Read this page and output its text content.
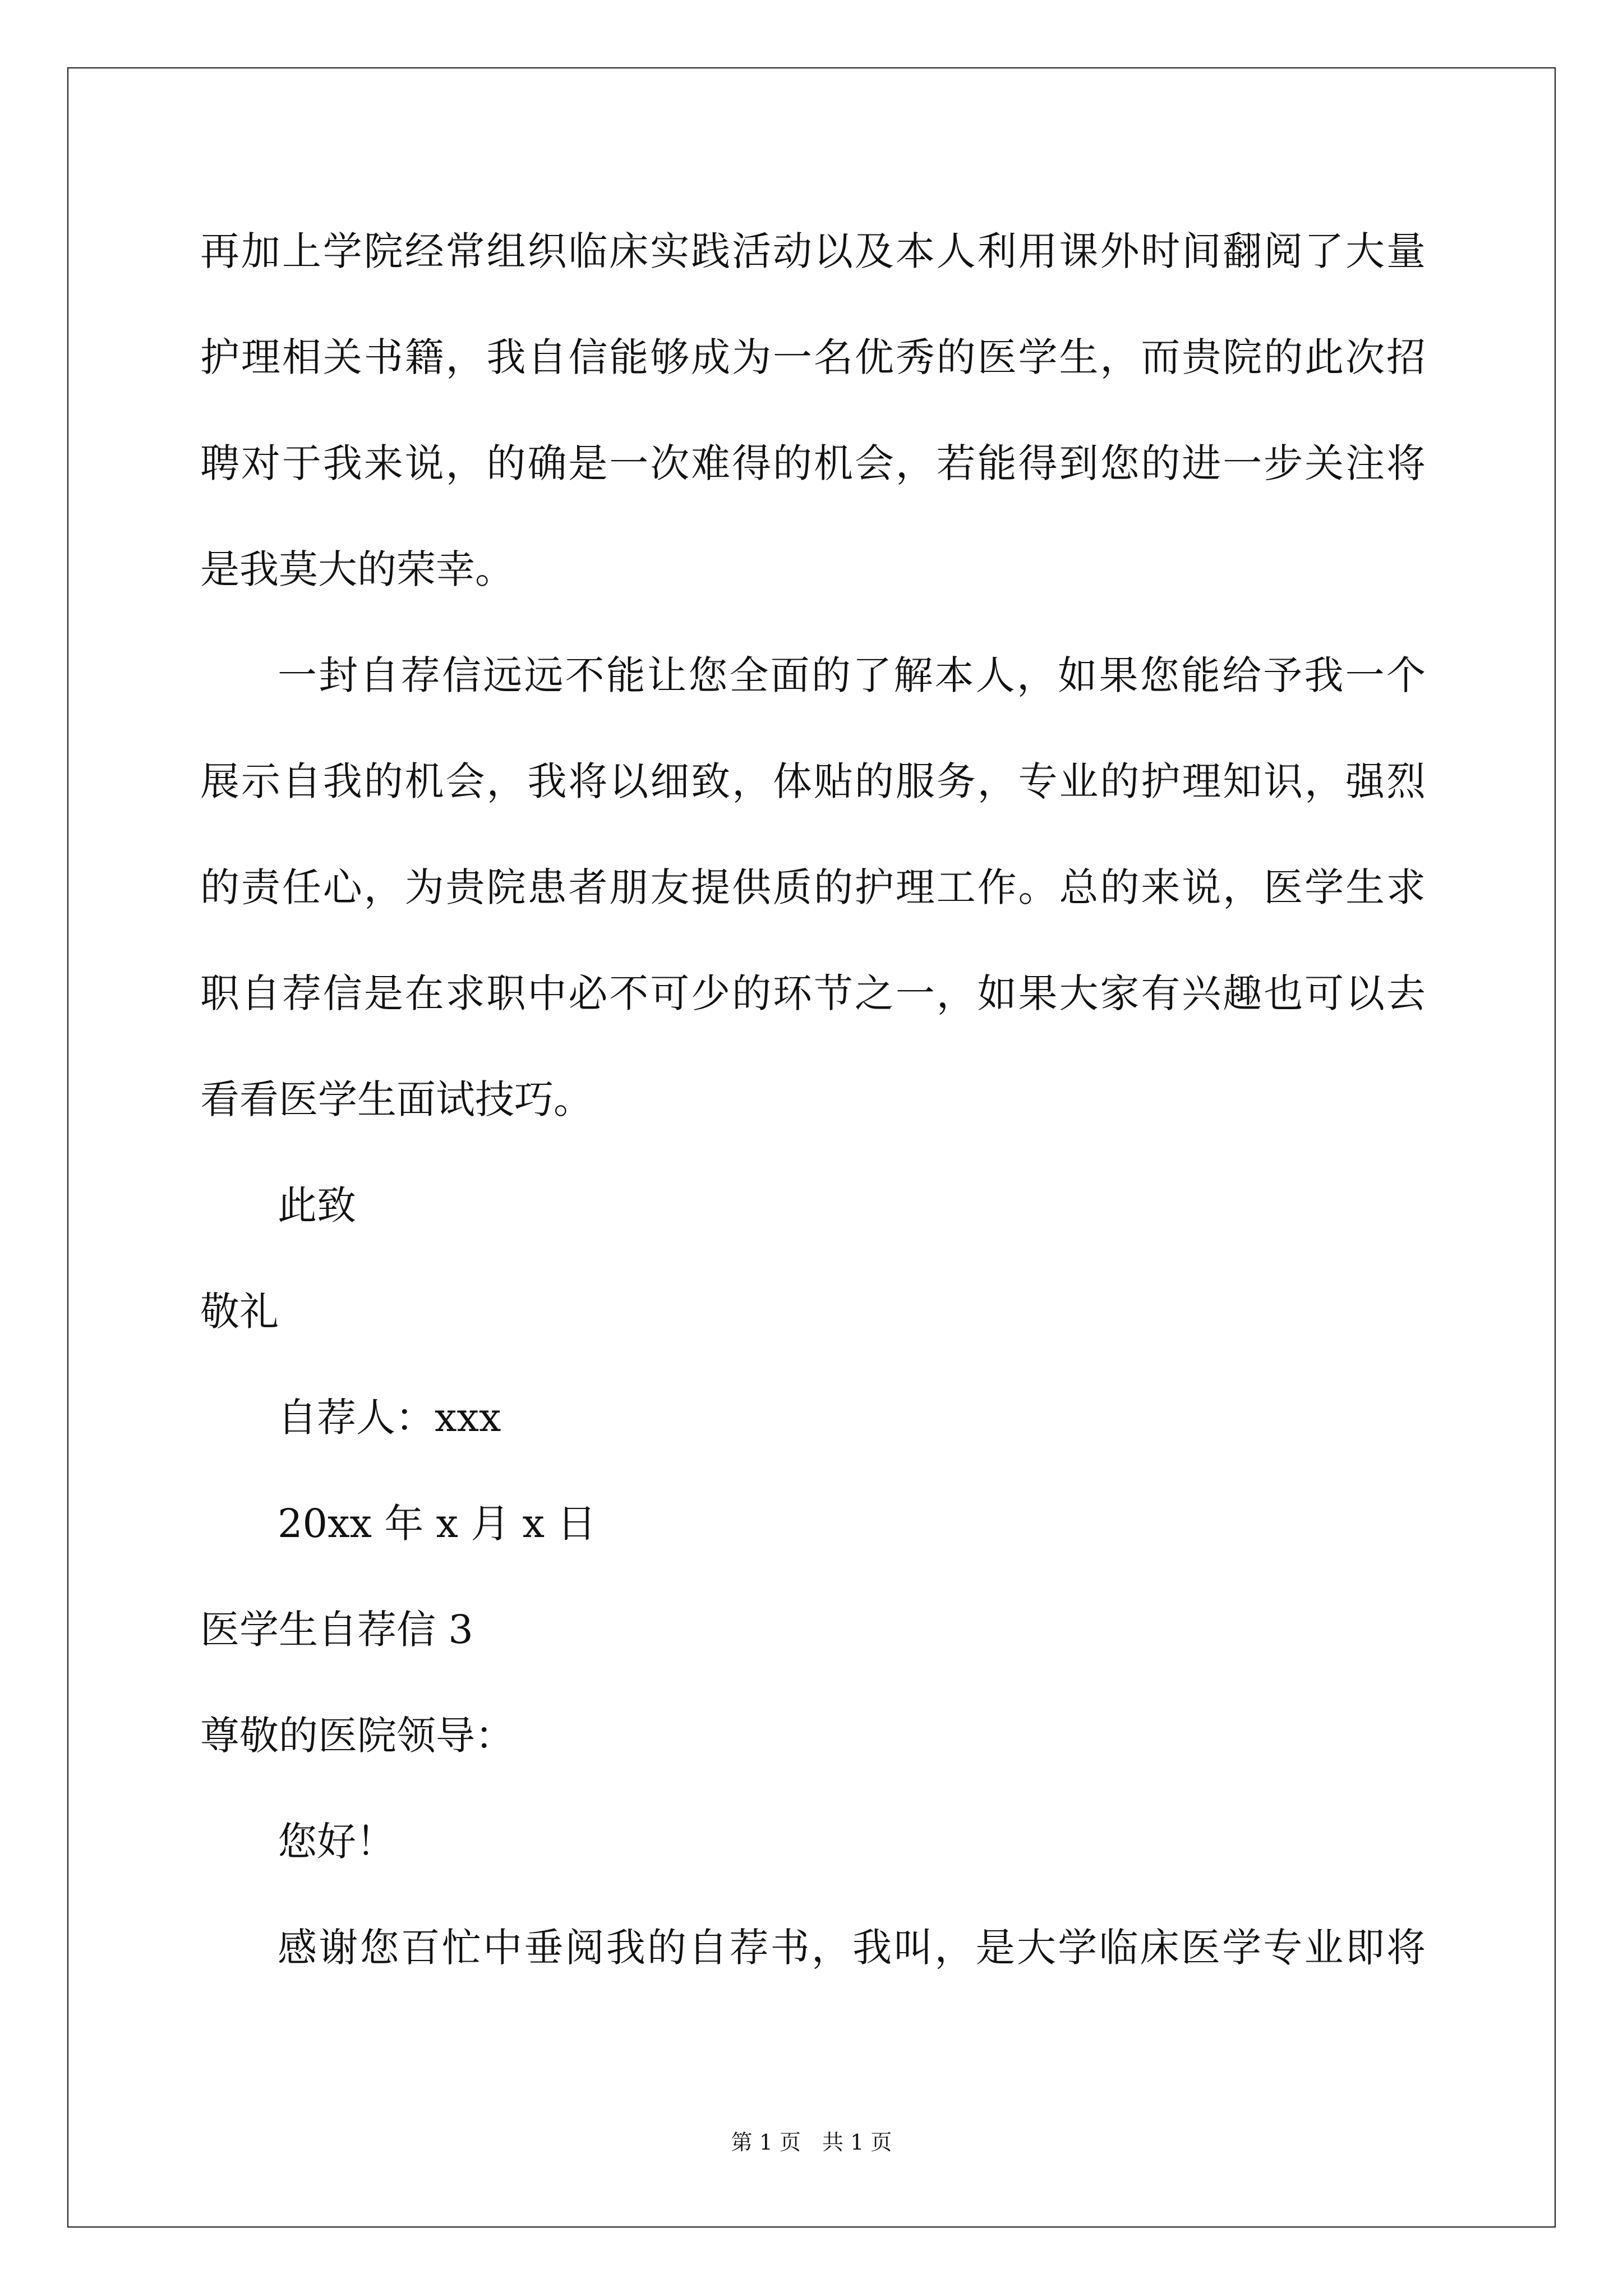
再加上学院经常组织临床实践活动以及本人利用课外时间翻阅了大量
护理相关书籍，我自信能够成为一名优秀的医学生，而贵院的此次招
聘对于我来说，的确是一次难得的机会，若能得到您的进一步关注将
是我莫大的荣幸。
一封自荐信远远不能让您全面的了解本人，如果您能给予我一个
展示自我的机会，我将以细致，体贴的服务，专业的护理知识，强烈
的责任心，为贵院患者朋友提供质的护理工作。总的来说，医学生求
职自荐信是在求职中必不可少的环节之一，如果大家有兴趣也可以去
看看医学生面试技巧。
此致
敬礼
自荐人：xxx
20xx 年 x 月 x 日
医学生自荐信 3
尊敬的医院领导：
您好！
感谢您百忙中垂阅我的自荐书，我叫，是大学临床医学专业即将
第 1 页　共 1 页
